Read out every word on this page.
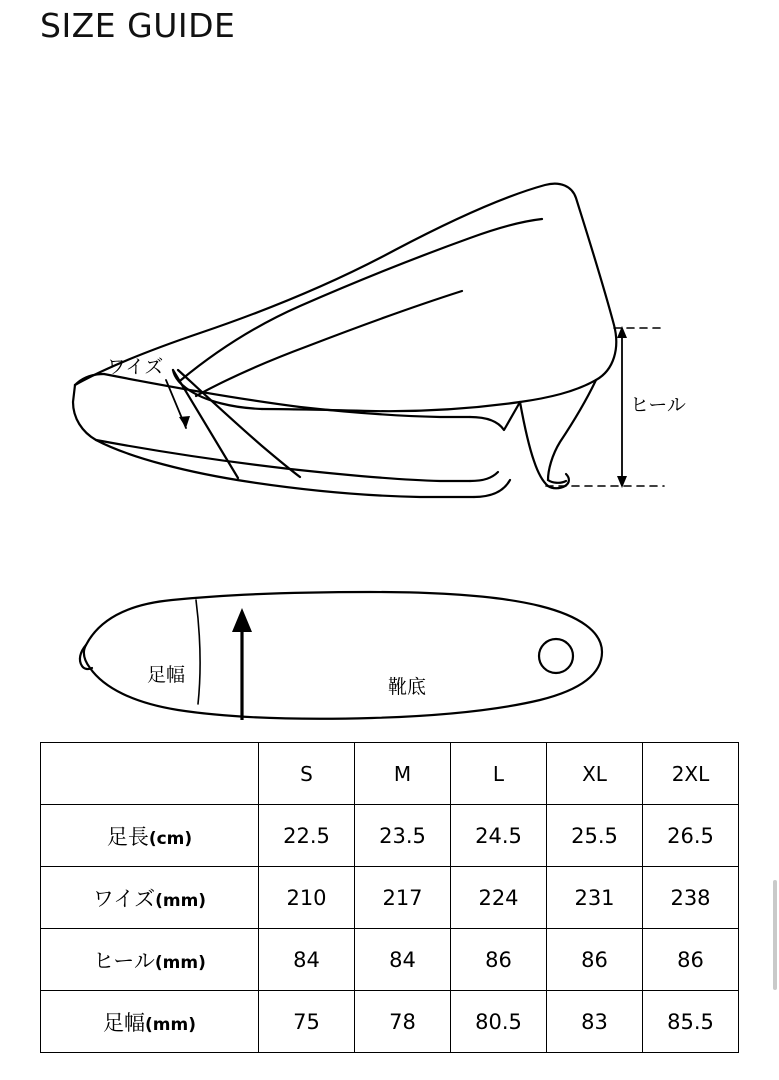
SIZE GUIDE
ワイズ
ヒール
足幅
靴底
	S	M	L	XL	2XL
足長(cm)	22.5	23.5	24.5	25.5	26.5
ワイズ(mm)	210	217	224	231	238
ヒール(mm)	84	84	86	86	86
足幅(mm)	75	78	80.5	83	85.5
